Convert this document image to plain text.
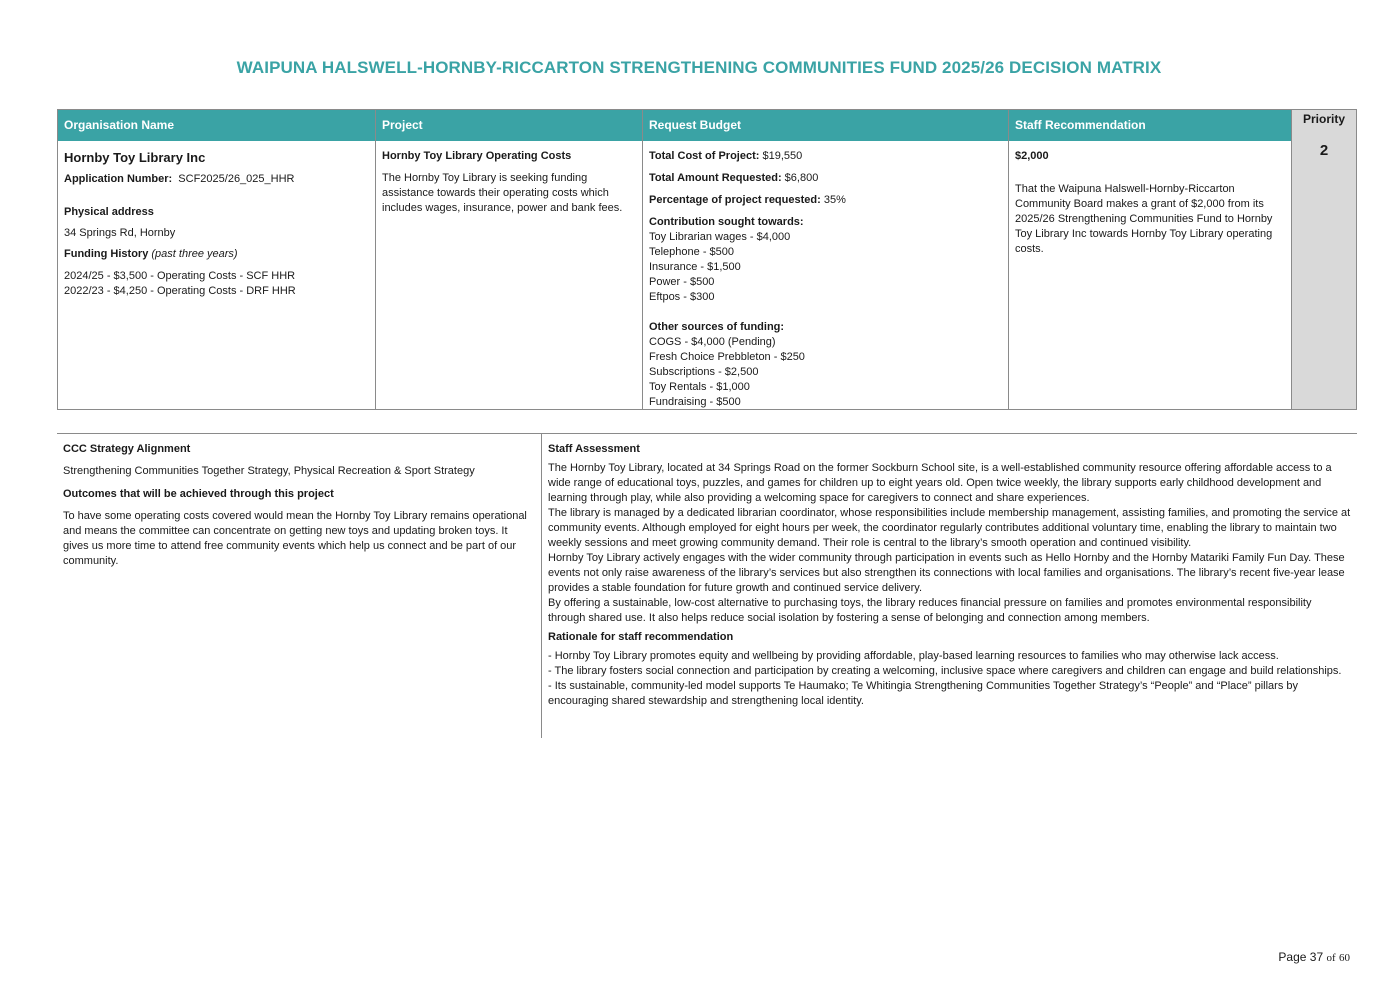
WAIPUNA HALSWELL-HORNBY-RICCARTON STRENGTHENING COMMUNITIES FUND 2025/26 DECISION MATRIX
Organisation Name
Hornby Toy Library Inc
Application Number: SCF2025/26_025_HHR
Physical address
34 Springs Rd, Hornby
Funding History (past three years)
2024/25 - $3,500 - Operating Costs - SCF HHR
2022/23 - $4,250 - Operating Costs - DRF HHR
Project
Hornby Toy Library Operating Costs
The Hornby Toy Library is seeking funding assistance towards their operating costs which includes wages, insurance, power and bank fees.
Request Budget
Total Cost of Project: $19,550
Total Amount Requested: $6,800
Percentage of project requested: 35%
Contribution sought towards:
Toy Librarian wages - $4,000
Telephone - $500
Insurance - $1,500
Power - $500
Eftpos - $300
Other sources of funding:
COGS - $4,000 (Pending)
Fresh Choice Prebbleton - $250
Subscriptions - $2,500
Toy Rentals - $1,000
Fundraising - $500
Staff Recommendation
$2,000
That the Waipuna Halswell-Hornby-Riccarton Community Board makes a grant of $2,000 from its 2025/26 Strengthening Communities Fund to Hornby Toy Library Inc towards Hornby Toy Library operating costs.
Priority
2
CCC Strategy Alignment
Strengthening Communities Together Strategy, Physical Recreation & Sport Strategy
Outcomes that will be achieved through this project
To have some operating costs covered would mean the Hornby Toy Library remains operational and means the committee can concentrate on getting new toys and updating broken toys. It gives us more time to attend free community events which help us connect and be part of our community.
Staff Assessment
The Hornby Toy Library, located at 34 Springs Road on the former Sockburn School site, is a well-established community resource offering affordable access to a wide range of educational toys, puzzles, and games for children up to eight years old. Open twice weekly, the library supports early childhood development and learning through play, while also providing a welcoming space for caregivers to connect and share experiences.
The library is managed by a dedicated librarian coordinator, whose responsibilities include membership management, assisting families, and promoting the service at community events. Although employed for eight hours per week, the coordinator regularly contributes additional voluntary time, enabling the library to maintain two weekly sessions and meet growing community demand. Their role is central to the library’s smooth operation and continued visibility.
Hornby Toy Library actively engages with the wider community through participation in events such as Hello Hornby and the Hornby Matariki Family Fun Day. These events not only raise awareness of the library’s services but also strengthen its connections with local families and organisations. The library’s recent five-year lease provides a stable foundation for future growth and continued service delivery.
By offering a sustainable, low-cost alternative to purchasing toys, the library reduces financial pressure on families and promotes environmental responsibility through shared use. It also helps reduce social isolation by fostering a sense of belonging and connection among members.
Rationale for staff recommendation
- Hornby Toy Library promotes equity and wellbeing by providing affordable, play-based learning resources to families who may otherwise lack access.
- The library fosters social connection and participation by creating a welcoming, inclusive space where caregivers and children can engage and build relationships.
- Its sustainable, community-led model supports Te Haumako; Te Whitingia Strengthening Communities Together Strategy’s “People” and “Place” pillars by encouraging shared stewardship and strengthening local identity.
Page 37 of 60
